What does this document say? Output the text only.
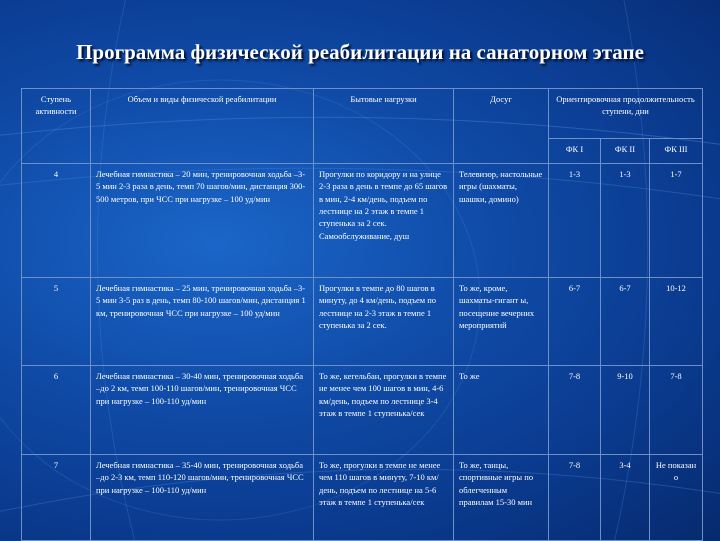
Программа физической реабилитации на санаторном этапе
Ступень активности	Объем и виды физической реабилитации	Бытовые нагрузки	Досуг	Ориентировочная продолжительность ступени, дни		
				ФК I	ФК II	ФК III
4	Лечебная гимнастика – 20 мин, тренировочная ходьба –3-5 мин 2-3 раза в день, темп 70 шагов/мин, дистанция 300-500 метров, при ЧСС при нагрузке – 100 уд/мин	Прогулки по коридору и на улице 2-3 раза в день в темпе до 65 шагов в мин, 2-4 км/день, подъем по лестнице на 2 этаж в темпе 1 ступенька за 2 сек. Самообслуживание, душ	Телевизор, настольные игры (шахматы, шашки, домино)	1-3	1-3	1-7
5	Лечебная гимнастика – 25 мин, тренировочная ходьба –3-5 мин 3-5 раз в день, темп 80-100 шагов/мин, дистанция 1 км, тренировочная ЧСС при нагрузке – 100 уд/мин	Прогулки в темпе до 80 шагов в минуту, до 4 км/день, подъем по лестнице на 2-3 этаж в темпе 1 ступенька за 2 сек.	То же, кроме, шахматы-гигант ы, посещение вечерних мероприятий	6-7	6-7	10-12
6	Лечебная гимнастика – 30-40 мин, тренировочная ходьба –до 2 км, темп 100-110 шагов/мин, тренировочная ЧСС при нагрузке – 100-110 уд/мин	То же, кегельбан, прогулки в темпе не менее чем 100 шагов в мин, 4-6 км/день, подъем по лестнице 3-4 этаж в темпе 1 ступенька/сек	То же	7-8	9-10	7-8
7	Лечебная гимнастика – 35-40 мин, тренировочная ходьба –до 2-3 км, темп 110-120 шагов/мин, тренировочная ЧСС при нагрузке – 100-110 уд/мин	То же, прогулки в темпе не менее чем 110 шагов в минуту, 7-10 км/день, подъем по лестнице на 5-6 этаж в темпе 1 ступенька/сек	То же, танцы, спортивные игры по облегченным правилам 15-30 мин	7-8	3-4	Не показан о
